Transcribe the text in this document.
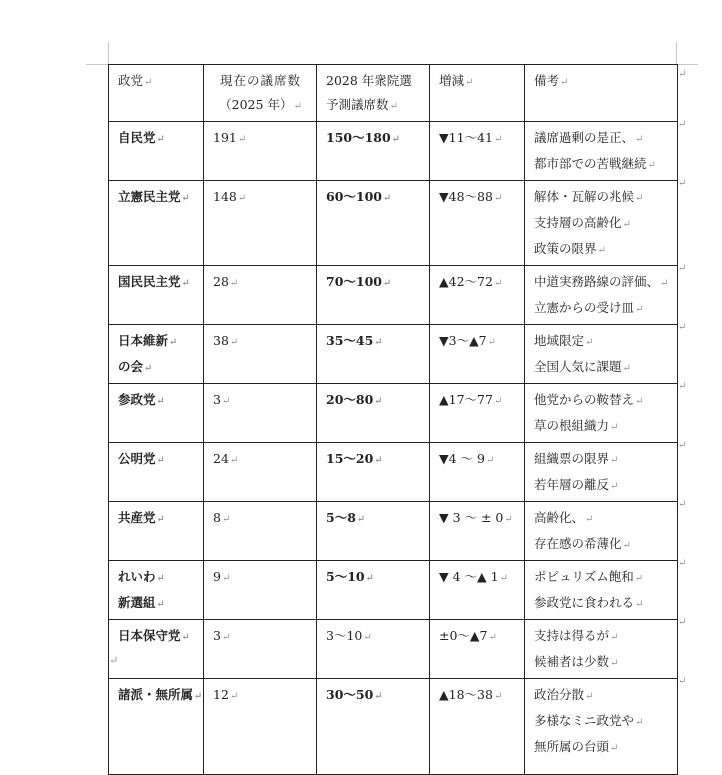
政党↵	現在の議席数
（2025 年）↵	2028 年衆院選
予測議席数↵	増減↵	備考↵

自民党↵	191↵	150〜180↵	▼11〜41↵	議席過剰の是正、↵
都市部での苦戦継続↵

立憲民主党↵	148↵	60〜100↵	▼48〜88↵	解体・瓦解の兆候↵
支持層の高齢化↵
政策の限界↵

国民民主党↵	28↵	70〜100↵	▲42〜72↵	中道実務路線の評価、↵
立憲からの受け皿↵

日本維新↵
の会↵	38↵	35〜45↵	▼3〜▲7↵	地域限定↵
全国人気に課題↵

参政党↵	3↵	20〜80↵	▲17〜77↵	他党からの鞍替え↵
草の根組織力↵

公明党↵	24↵	15〜20↵	▼4 〜 9↵	組織票の限界↵
若年層の離反↵

共産党↵	8↵	5〜8↵	▼ 3 〜 ± 0↵	高齢化、↵
存在感の希薄化↵

れいわ↵
新選組↵	9↵	5〜10↵	▼ 4 〜▲ 1↵	ポピュリズム飽和↵
参政党に食われる↵

日本保守党↵	3↵	3〜10↵	±0〜▲7↵	支持は得るが↵
候補者は少数↵

諸派・無所属↵	12↵	30〜50↵	▲18〜38↵	政治分散↵
多様なミニ政党や↵
無所属の台頭↵
↵
↵
↵
↵
↵
↵
↵
↵
↵
↵
↵
↵
